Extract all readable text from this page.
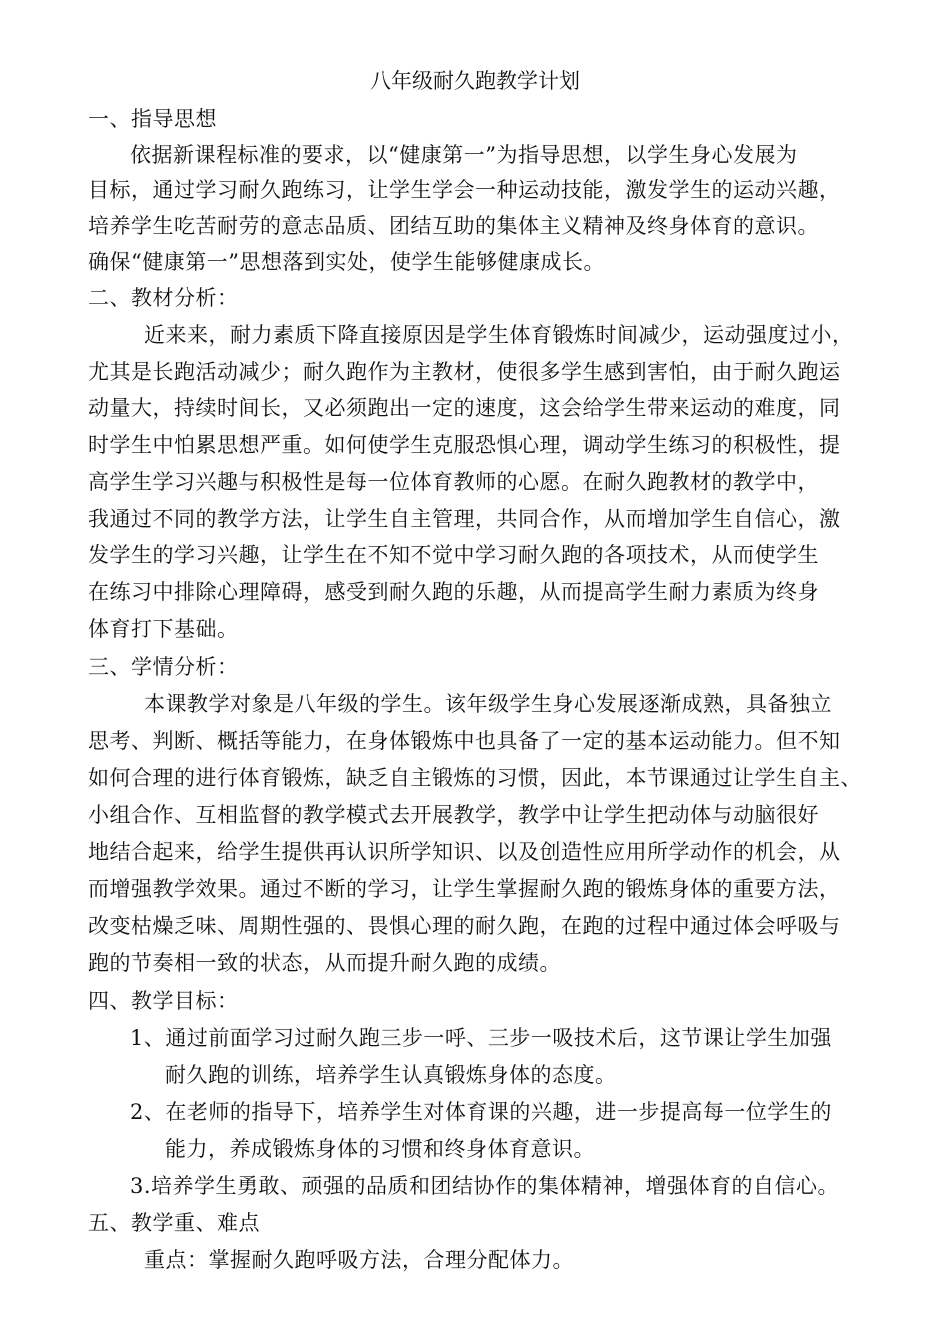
八年级耐久跑教学计划
一、指导思想
依据新课程标准的要求，以“健康第一”为指导思想，以学生身心发展为
目标，通过学习耐久跑练习，让学生学会一种运动技能，激发学生的运动兴趣，
培养学生吃苦耐劳的意志品质、团结互助的集体主义精神及终身体育的意识。
确保“健康第一”思想落到实处，使学生能够健康成长。
二、教材分析：
近来来，耐力素质下降直接原因是学生体育锻炼时间减少，运动强度过小，
尤其是长跑活动减少；耐久跑作为主教材，使很多学生感到害怕，由于耐久跑运
动量大，持续时间长，又必须跑出一定的速度，这会给学生带来运动的难度，同
时学生中怕累思想严重。如何使学生克服恐惧心理，调动学生练习的积极性，提
高学生学习兴趣与积极性是每一位体育教师的心愿。在耐久跑教材的教学中，
我通过不同的教学方法，让学生自主管理，共同合作，从而增加学生自信心，激
发学生的学习兴趣，让学生在不知不觉中学习耐久跑的各项技术，从而使学生
在练习中排除心理障碍，感受到耐久跑的乐趣，从而提高学生耐力素质为终身
体育打下基础。
三、学情分析：
本课教学对象是八年级的学生。该年级学生身心发展逐渐成熟，具备独立
思考、判断、概括等能力，在身体锻炼中也具备了一定的基本运动能力。但不知
如何合理的进行体育锻炼，缺乏自主锻炼的习惯，因此，本节课通过让学生自主、
小组合作、互相监督的教学模式去开展教学，教学中让学生把动体与动脑很好
地结合起来，给学生提供再认识所学知识、以及创造性应用所学动作的机会，从
而增强教学效果。通过不断的学习，让学生掌握耐久跑的锻炼身体的重要方法，
改变枯燥乏味、周期性强的、畏惧心理的耐久跑，在跑的过程中通过体会呼吸与
跑的节奏相一致的状态，从而提升耐久跑的成绩。
四、教学目标：
1、通过前面学习过耐久跑三步一呼、三步一吸技术后，这节课让学生加强
耐久跑的训练，培养学生认真锻炼身体的态度。
2、在老师的指导下，培养学生对体育课的兴趣，进一步提高每一位学生的
能力，养成锻炼身体的习惯和终身体育意识。
3.培养学生勇敢、顽强的品质和团结协作的集体精神，增强体育的自信心。
五、教学重、难点
重点：掌握耐久跑呼吸方法，合理分配体力。
